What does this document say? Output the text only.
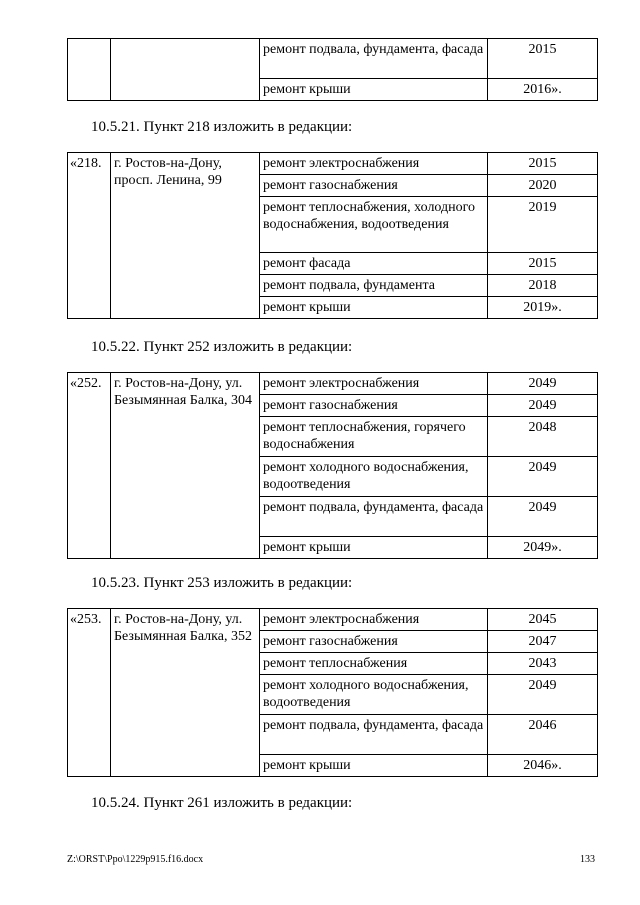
		ремонт подвала, фундамента, фасада	2015
		ремонт крыши	2016».
10.5.21. Пункт 218 изложить в редакции:
«218.	г. Ростов-на-Дону, просп. Ленина, 99	ремонт электроснабжения	2015
		ремонт газоснабжения	2020
		ремонт теплоснабжения, холодного водоснабжения, водоотведения	2019
		ремонт фасада	2015
		ремонт подвала, фундамента	2018
		ремонт крыши	2019».
10.5.22. Пункт 252 изложить в редакции:
«252.	г. Ростов-на-Дону, ул. Безымянная Балка, 304	ремонт электроснабжения	2049
		ремонт газоснабжения	2049
		ремонт теплоснабжения, горячего водоснабжения	2048
		ремонт холодного водоснабжения, водоотведения	2049
		ремонт подвала, фундамента, фасада	2049
		ремонт крыши	2049».
10.5.23. Пункт 253 изложить в редакции:
«253.	г. Ростов-на-Дону, ул. Безымянная Балка, 352	ремонт электроснабжения	2045
		ремонт газоснабжения	2047
		ремонт теплоснабжения	2043
		ремонт холодного водоснабжения, водоотведения	2049
		ремонт подвала, фундамента, фасада	2046
		ремонт крыши	2046».
10.5.24. Пункт 261 изложить в редакции:
Z:\ORST\Ppo\1229p915.f16.docx	133
